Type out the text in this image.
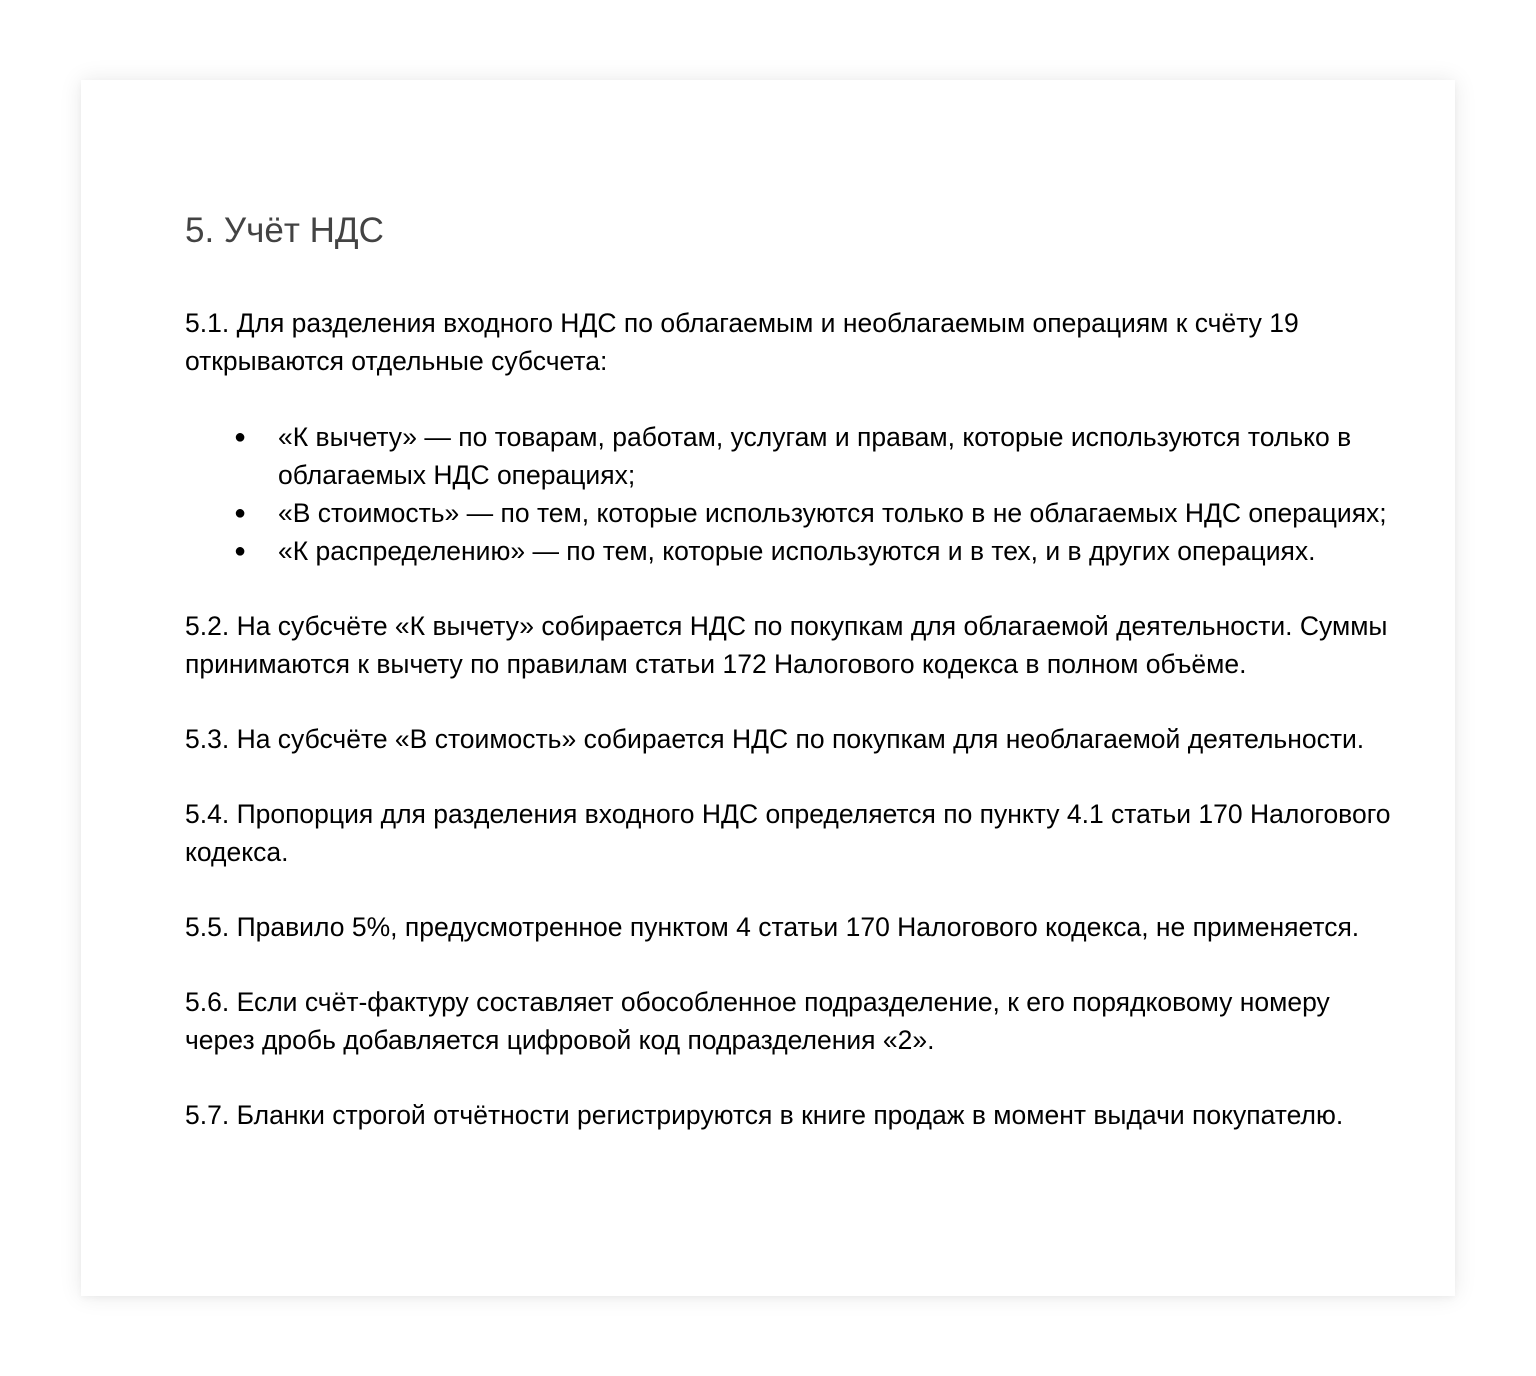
5. Учёт НДС

5.1. Для разделения входного НДС по облагаемым и необлагаемым операциям к счёту 19 открываются отдельные субсчета:

● «К вычету» — по товарам, работам, услугам и правам, которые используются только в облагаемых НДС операциях;
● «В стоимость» — по тем, которые используются только в не облагаемых НДС операциях;
● «К распределению» — по тем, которые используются и в тех, и в других операциях.

5.2. На субсчёте «К вычету» собирается НДС по покупкам для облагаемой деятельности. Суммы принимаются к вычету по правилам статьи 172 Налогового кодекса в полном объёме.

5.3. На субсчёте «В стоимость» собирается НДС по покупкам для необлагаемой деятельности.

5.4. Пропорция для разделения входного НДС определяется по пункту 4.1 статьи 170 Налогового кодекса.

5.5. Правило 5%, предусмотренное пунктом 4 статьи 170 Налогового кодекса, не применяется.

5.6. Если счёт-фактуру составляет обособленное подразделение, к его порядковому номеру через дробь добавляется цифровой код подразделения «2».

5.7. Бланки строгой отчётности регистрируются в книге продаж в момент выдачи покупателю.
